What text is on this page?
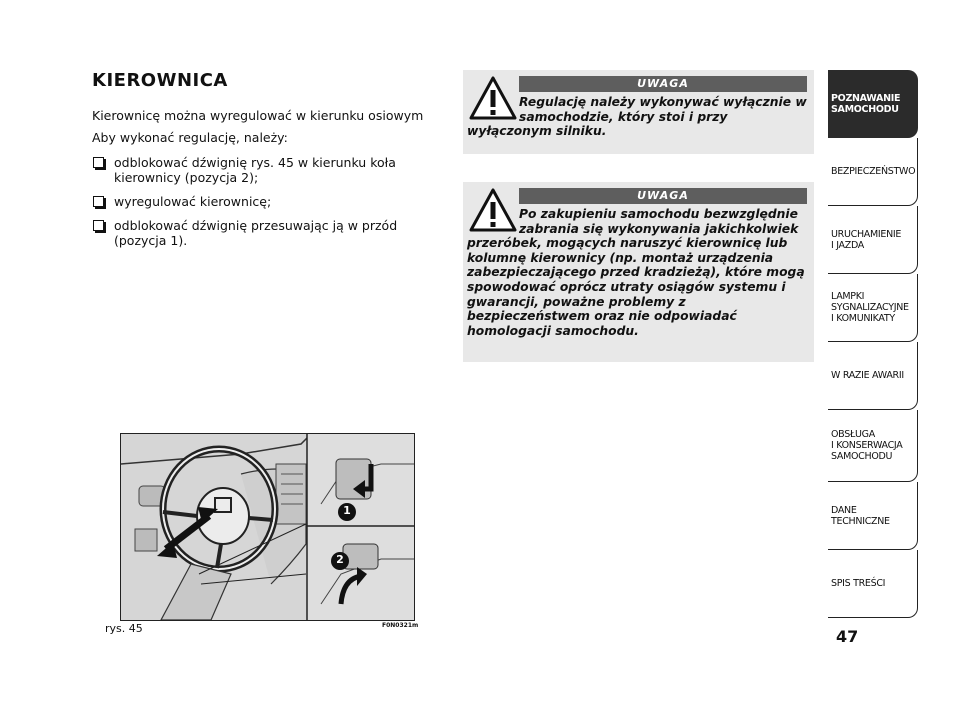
KIEROWNICA
Kierownicę można wyregulować w kierunku osiowym
Aby wykonać regulację, należy:
odblokować dźwignię rys. 45 w kierunku koła kierownicy (pozycja 2);
wyregulować kierownicę;
odblokować dźwignię przesuwając ją w przód (pozycja 1).
UWAGA
Regulację należy wykonywać wyłącznie w samochodzie, który stoi i przy wyłączonym silniku.
UWAGA
Po zakupieniu samochodu bezwzględnie zabrania się wykonywania jakichkolwiek przeróbek, mogących naruszyć kierownicę lub kolumnę kierownicy (np. montaż urządzenia zabezpieczającego przed kradzieżą), które mogą spowodować oprócz utraty osiągów systemu i gwarancji, poważne problemy z bezpieczeństwem oraz nie odpowiadać homologacji samochodu.
1
2
rys. 45	F0N0321m
POZNAWANIE
SAMOCHODU
BEZPIECZEŃSTWO
URUCHAMIENIE
I JAZDA
LAMPKI
SYGNALIZACYJNE
I KOMUNIKATY
W RAZIE AWARII
OBSŁUGA
I KONSERWACJA
SAMOCHODU
DANE TECHNICZNE
SPIS TREŚCI
47
